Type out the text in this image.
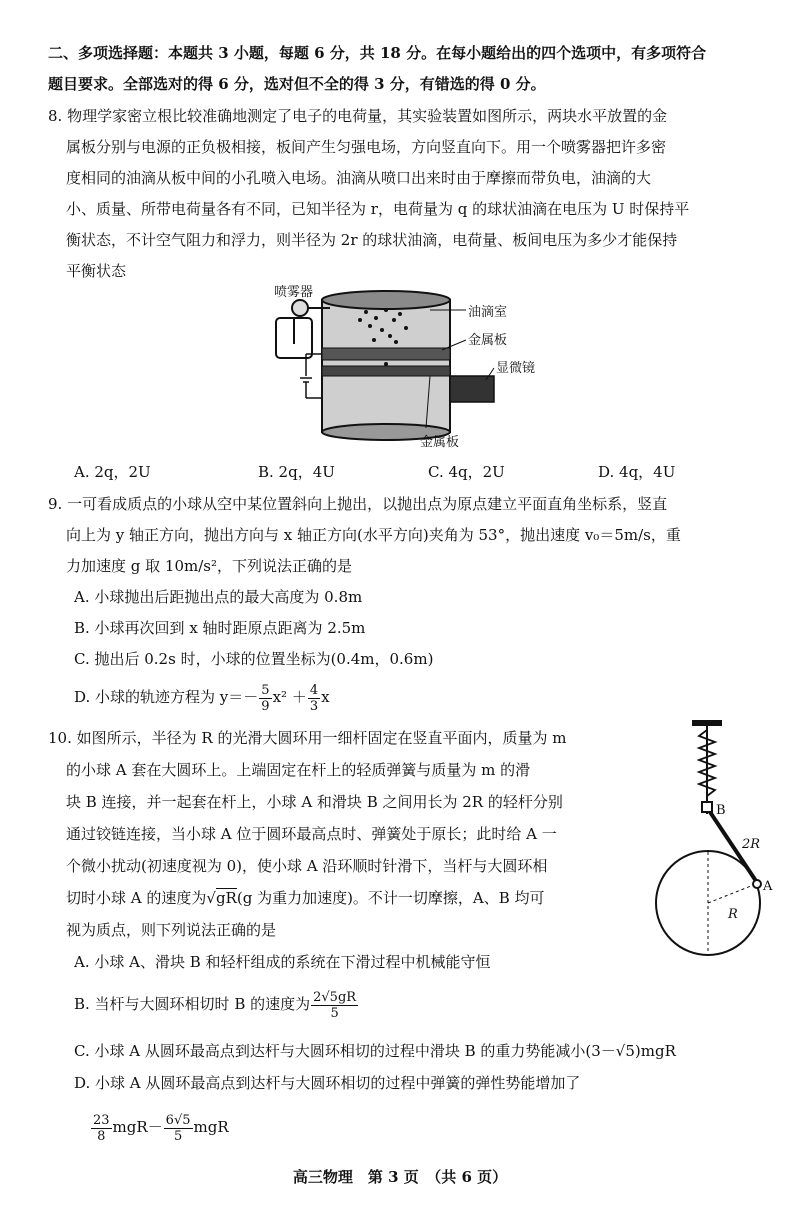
二、多项选择题：本题共 3 小题，每题 6 分，共 18 分。在每小题给出的四个选项中，有多项符合
题目要求。全部选对的得 6 分，选对但不全的得 3 分，有错选的得 0 分。
8. 物理学家密立根比较准确地测定了电子的电荷量，其实验装置如图所示，两块水平放置的金
属板分别与电源的正负极相接，板间产生匀强电场，方向竖直向下。用一个喷雾器把许多密
度相同的油滴从板中间的小孔喷入电场。油滴从喷口出来时由于摩擦而带负电，油滴的大
小、质量、所带电荷量各有不同，已知半径为 r，电荷量为 q 的球状油滴在电压为 U 时保持平
衡状态，不计空气阻力和浮力，则半径为 2r 的球状油滴，电荷量、板间电压为多少才能保持
平衡状态
喷雾器
油滴室
金属板
显微镜
金属板
A. 2q，2U	B. 2q，4U	C. 4q，2U	D. 4q，4U
9. 一可看成质点的小球从空中某位置斜向上抛出，以抛出点为原点建立平面直角坐标系，竖直
向上为 y 轴正方向，抛出方向与 x 轴正方向(水平方向)夹角为 53°，抛出速度 v₀＝5m/s，重
力加速度 g 取 10m/s²，下列说法正确的是
A. 小球抛出后距抛出点的最大高度为 0.8m
B. 小球再次回到 x 轴时距原点距离为 2.5m
C. 抛出后 0.2s 时，小球的位置坐标为(0.4m，0.6m)
D. 小球的轨迹方程为 $y=- \frac{5}{9} x^2 + \frac{4}{3}$ x
10. 如图所示，半径为 R 的光滑大圆环用一细杆固定在竖直平面内，质量为 m
的小球 A 套在大圆环上。上端固定在杆上的轻质弹簧与质量为 m 的滑
块 B 连接，并一起套在杆上，小球 A 和滑块 B 之间用长为 2R 的轻杆分别
通过铰链连接，当小球 A 位于圆环最高点时、弹簧处于原长；此时给 A 一
个微小扰动(初速度视为 0)，使小球 A 沿环顺时针滑下，当杆与大圆环相
切时小球 A 的速度为√gR(g 为重力加速度)。不计一切摩擦，A、B 均可
视为质点，则下列说法正确的是
A. 小球 A、滑块 B 和轻杆组成的系统在下滑过程中机械能守恒
B. 当杆与大圆环相切时 B 的速度为 $\frac{2√5gR}{5}$
C. 小球 A 从圆环最高点到达杆与大圆环相切的过程中滑块 B 的重力势能减小(3－√5)mgR
D. 小球 A 从圆环最高点到达杆与大圆环相切的过程中弹簧的弹性势能增加了
$\frac{23}{8} mgR- \frac{6√5}{5}$ mgR
B
2R
A
R
高三物理　第 3 页　（共 6 页）
